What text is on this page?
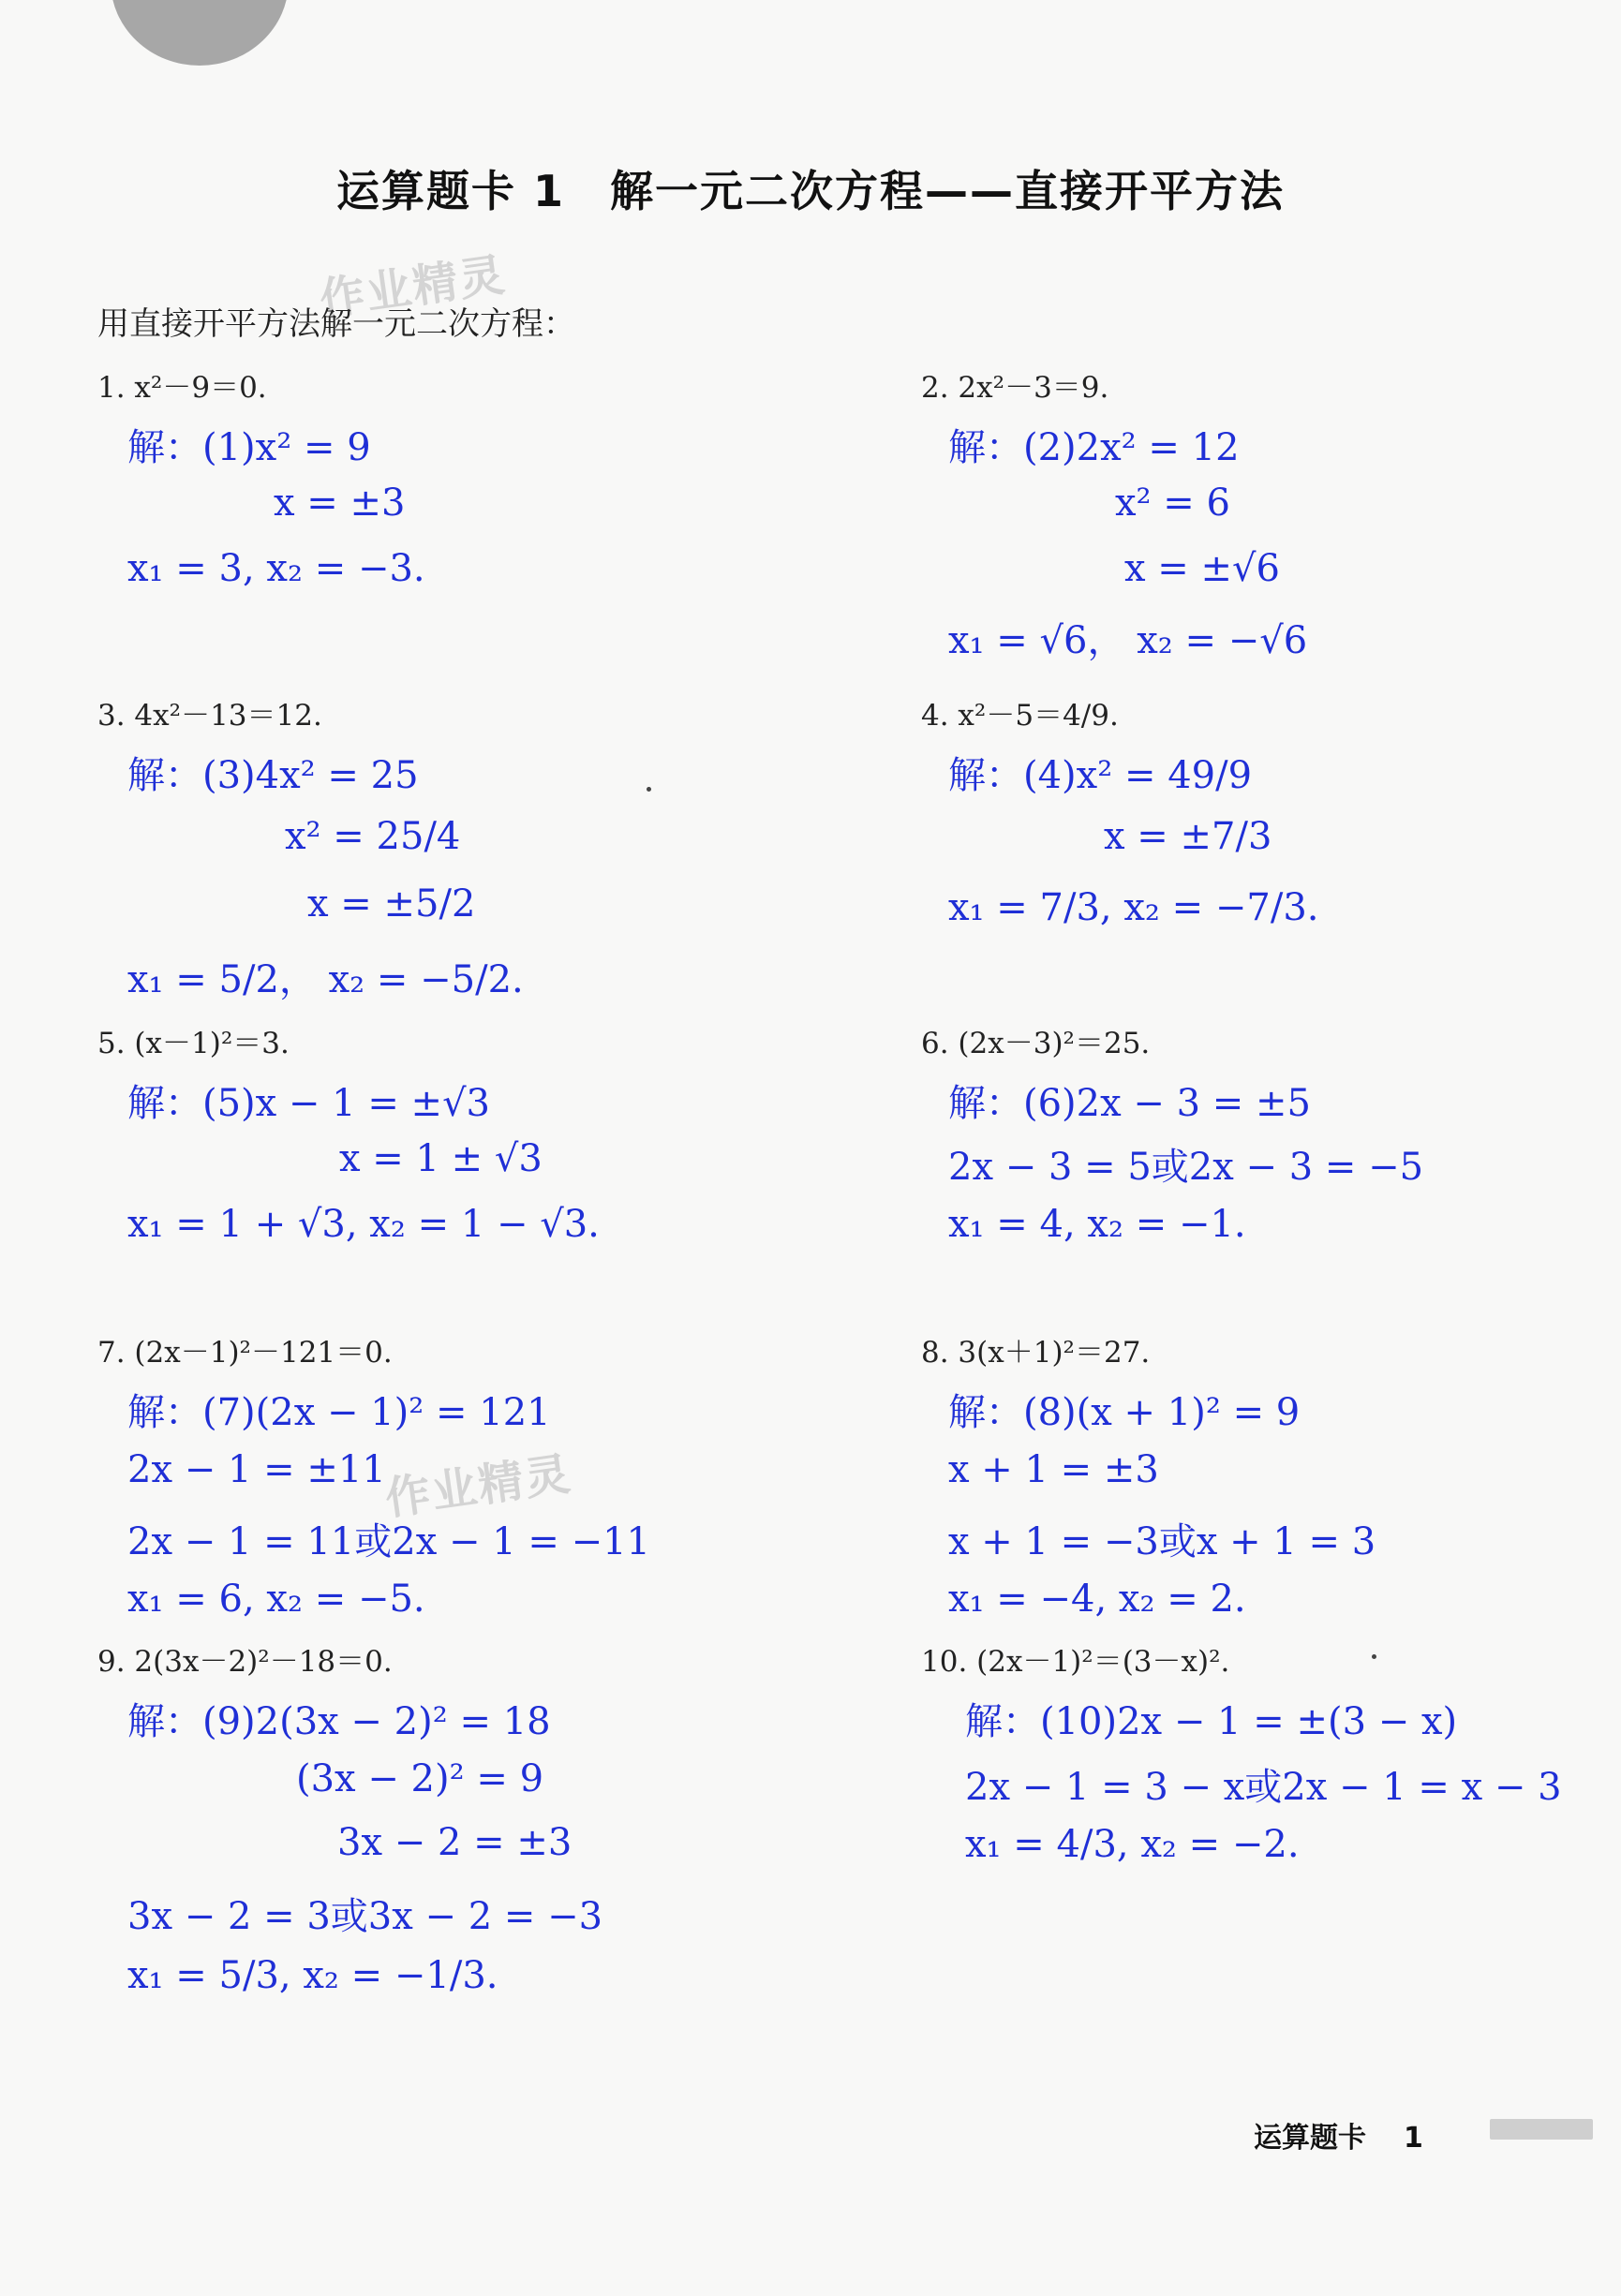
运算题卡 1　解一元二次方程——直接开平方法
作业精灵
用直接开平方法解一元二次方程：
1. x²－9＝0.
解：(1)x² = 9
x = ±3
x₁ = 3, x₂ = −3.
2. 2x²－3＝9.
解：(2)2x² = 12
x² = 6
x = ±√6
x₁ = √6， x₂ = −√6
3. 4x²－13＝12.
解：(3)4x² = 25
x² = 25/4
x = ±5/2
x₁ = 5/2， x₂ = −5/2.
4. x²－5＝4/9.
解：(4)x² = 49/9
x = ±7/3
x₁ = 7/3, x₂ = −7/3.
5. (x－1)²＝3.
解：(5)x − 1 = ±√3
x = 1 ± √3
x₁ = 1 + √3, x₂ = 1 − √3.
6. (2x－3)²＝25.
解：(6)2x − 3 = ±5
2x − 3 = 5或2x − 3 = −5
x₁ = 4, x₂ = −1.
7. (2x－1)²－121＝0.
解：(7)(2x − 1)² = 121
2x − 1 = ±11
2x − 1 = 11或2x − 1 = −11
x₁ = 6, x₂ = −5.
作业精灵
8. 3(x＋1)²＝27.
解：(8)(x + 1)² = 9
x + 1 = ±3
x + 1 = −3或x + 1 = 3
x₁ = −4, x₂ = 2.
9. 2(3x－2)²－18＝0.
解：(9)2(3x − 2)² = 18
(3x − 2)² = 9
3x − 2 = ±3
3x − 2 = 3或3x − 2 = −3
x₁ = 5/3, x₂ = −1/3.
10. (2x－1)²＝(3－x)².
解：(10)2x − 1 = ±(3 − x)
2x − 1 = 3 − x或2x − 1 = x − 3
x₁ = 4/3, x₂ = −2.
运算题卡 1
